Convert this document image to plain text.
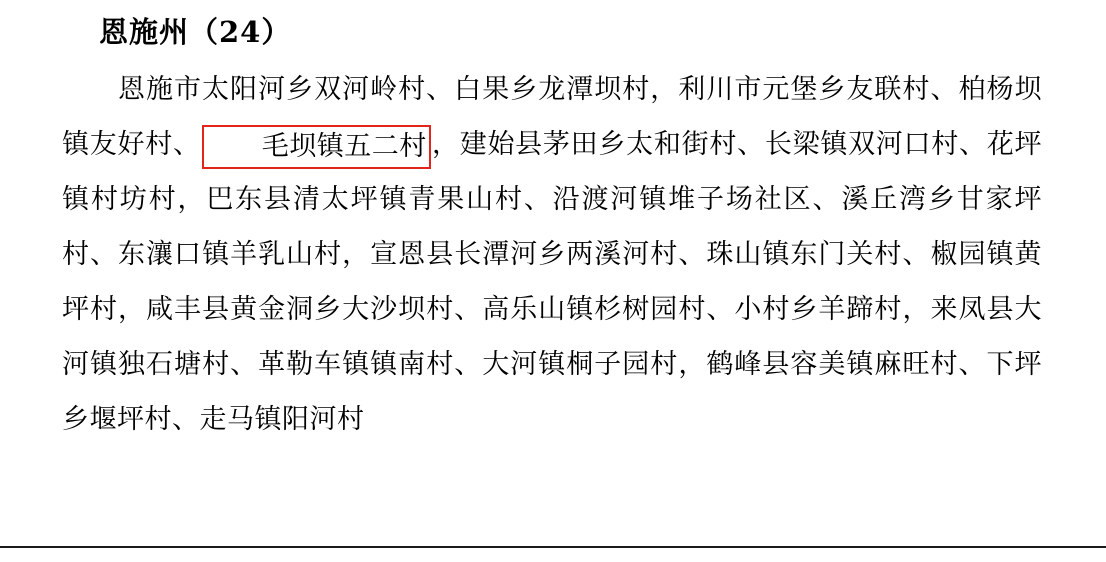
恩施州（24）

恩施市太阳河乡双河岭村、白果乡龙潭坝村，利川市元堡乡友联村、柏杨坝镇友好村、 毛坝镇五二村 ，建始县茅田乡太和街村、长梁镇双河口村、花坪镇村坊村，巴东县清太坪镇青果山村、沿渡河镇堆子场社区、溪丘湾乡甘家坪村、东瀼口镇羊乳山村，宣恩县长潭河乡两溪河村、珠山镇东门关村、椒园镇黄坪村，咸丰县黄金洞乡大沙坝村、高乐山镇杉树园村、小村乡羊蹄村，来凤县大河镇独石塘村、革勒车镇镇南村、大河镇桐子园村，鹤峰县容美镇麻旺村、下坪乡堰坪村、走马镇阳河村
